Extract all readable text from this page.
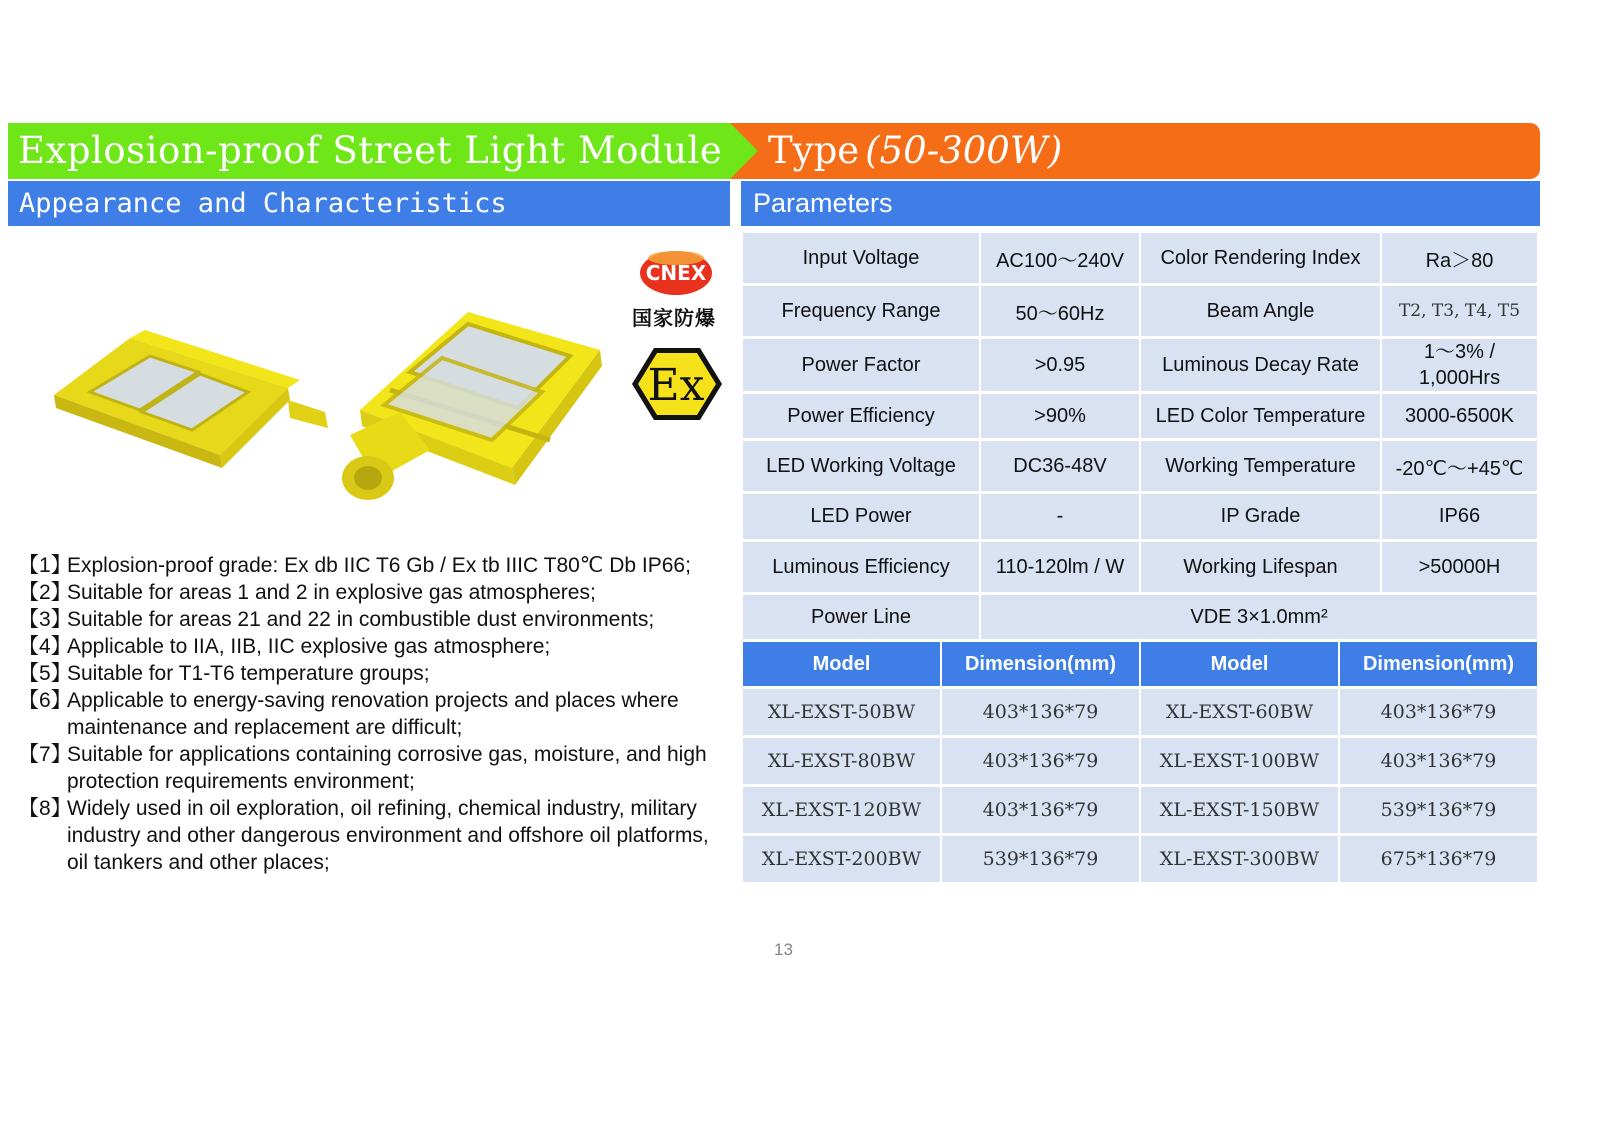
Explosion-proof Street Light Module Type (50-300W)
Appearance and Characteristics	Parameters
CNEX
国家防爆
Ex
【1】
Explosion-proof grade: Ex db IIC T6 Gb / Ex tb IIIC T80℃ Db IP66;
【2】
Suitable for areas 1 and 2 in explosive gas atmospheres;
【3】
Suitable for areas 21 and 22 in combustible dust environments;
【4】
Applicable to IIA, IIB, IIC explosive gas atmosphere;
【5】
Suitable for T1-T6 temperature groups;
【6】
Applicable to energy-saving renovation projects and places where maintenance and replacement are difficult;
【7】
Suitable for applications containing corrosive gas, moisture, and high protection requirements environment;
【8】
Widely used in oil exploration, oil refining, chemical industry, military industry and other dangerous environment and offshore oil platforms, oil tankers and other places;
Input Voltage	AC100～240V	Color Rendering Index	Ra＞80
Frequency Range	50～60Hz	Beam Angle	T2, T3, T4, T5
Power Factor	>0.95	Luminous Decay Rate	1～3% / 1,000Hrs
Power Efficiency	>90%	LED Color Temperature	3000-6500K
LED Working Voltage	DC36-48V	Working Temperature	-20℃～+45℃
LED Power	-	IP Grade	IP66
Luminous Efficiency	110-120lm / W	Working Lifespan	>50000H
Power Line	VDE 3×1.0mm²		
Model	Dimension(mm)	Model	Dimension(mm)
XL-EXST-50BW	403*136*79	XL-EXST-60BW	403*136*79
XL-EXST-80BW	403*136*79	XL-EXST-100BW	403*136*79
XL-EXST-120BW	403*136*79	XL-EXST-150BW	539*136*79
XL-EXST-200BW	539*136*79	XL-EXST-300BW	675*136*79
13
